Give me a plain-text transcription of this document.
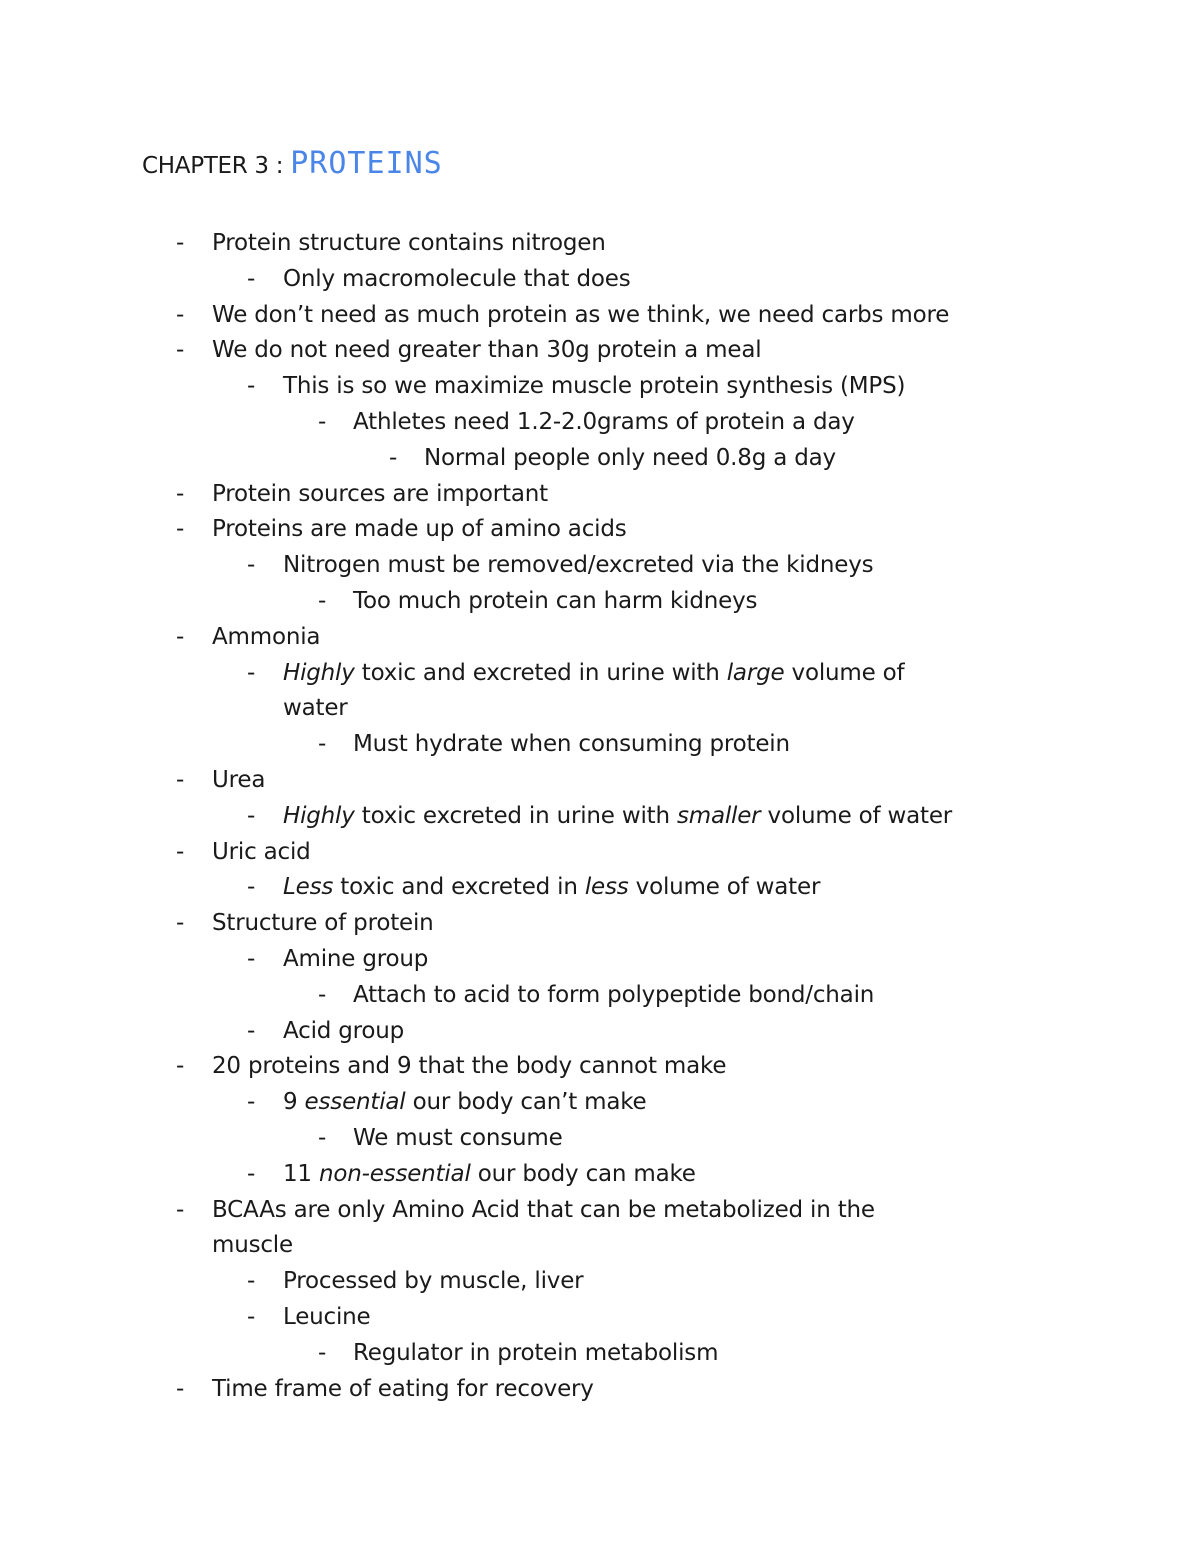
CHAPTER 3 : PROTEINS
- Protein structure contains nitrogen
- Only macromolecule that does
- We don’t need as much protein as we think, we need carbs more
- We do not need greater than 30g protein a meal
- This is so we maximize muscle protein synthesis (MPS)
- Athletes need 1.2-2.0grams of protein a day
- Normal people only need 0.8g a day
- Protein sources are important
- Proteins are made up of amino acids
- Nitrogen must be removed/excreted via the kidneys
- Too much protein can harm kidneys
- Ammonia
- Highly toxic and excreted in urine with large volume of
water
- Must hydrate when consuming protein
- Urea
- Highly toxic excreted in urine with smaller volume of water
- Uric acid
- Less toxic and excreted in less volume of water
- Structure of protein
- Amine group
- Attach to acid to form polypeptide bond/chain
- Acid group
- 20 proteins and 9 that the body cannot make
- 9 essential our body can’t make
- We must consume
- 11 non-essential our body can make
- BCAAs are only Amino Acid that can be metabolized in the
muscle
- Processed by muscle, liver
- Leucine
- Regulator in protein metabolism
- Time frame of eating for recovery
